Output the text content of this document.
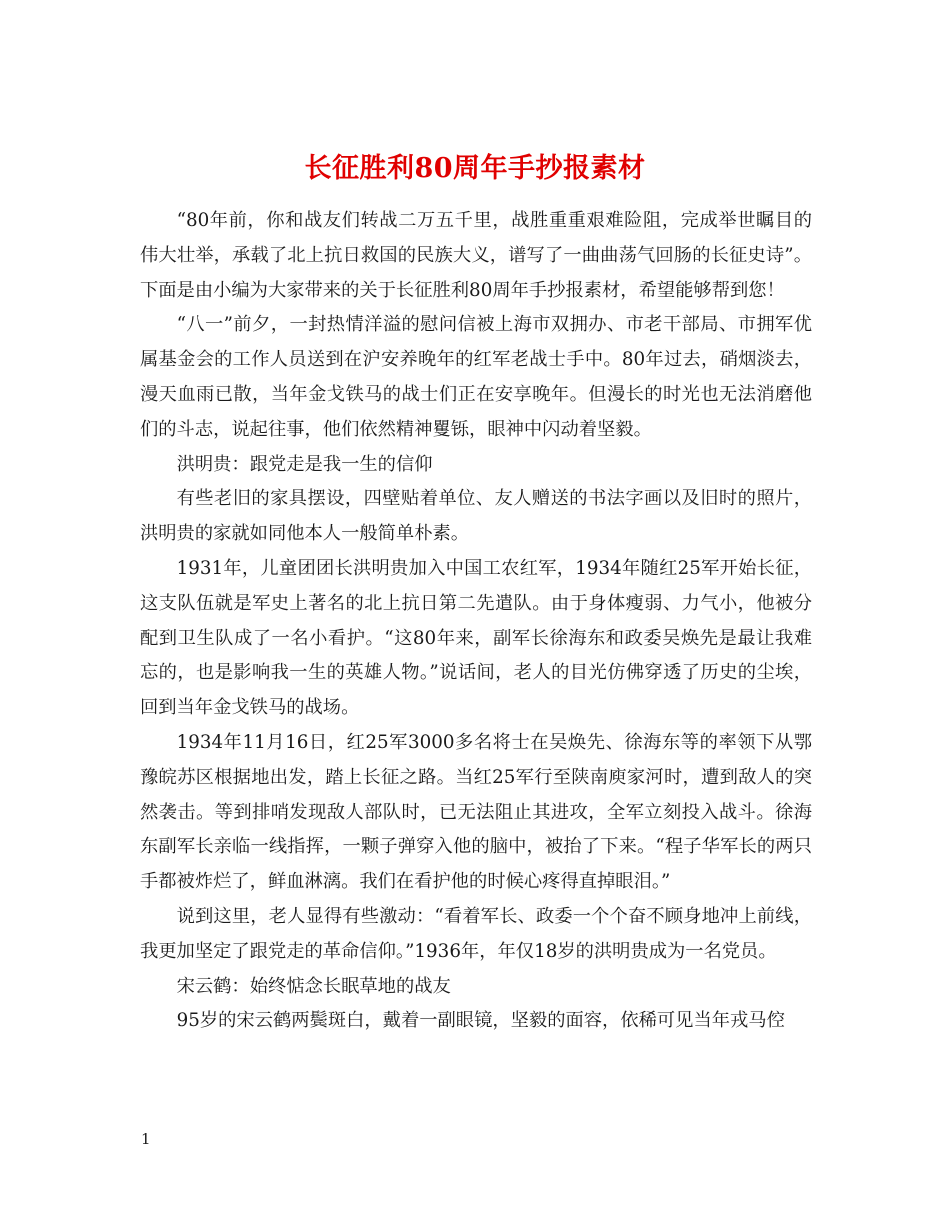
长征胜利80周年手抄报素材

“80年前，你和战友们转战二万五千里，战胜重重艰难险阻，完成举世瞩目的伟大壮举，承载了北上抗日救国的民族大义，谱写了一曲曲荡气回肠的长征史诗”。下面是由小编为大家带来的关于长征胜利80周年手抄报素材，希望能够帮到您！

“八一”前夕，一封热情洋溢的慰问信被上海市双拥办、市老干部局、市拥军优属基金会的工作人员送到在沪安养晚年的红军老战士手中。80年过去，硝烟淡去，漫天血雨已散，当年金戈铁马的战士们正在安享晚年。但漫长的时光也无法消磨他们的斗志，说起往事，他们依然精神矍铄，眼神中闪动着坚毅。

洪明贵：跟党走是我一生的信仰

有些老旧的家具摆设，四壁贴着单位、友人赠送的书法字画以及旧时的照片，洪明贵的家就如同他本人一般简单朴素。

1931年，儿童团团长洪明贵加入中国工农红军，1934年随红25军开始长征，这支队伍就是军史上著名的北上抗日第二先遣队。由于身体瘦弱、力气小，他被分配到卫生队成了一名小看护。“这80年来，副军长徐海东和政委吴焕先是最让我难忘的，也是影响我一生的英雄人物。”说话间，老人的目光仿佛穿透了历史的尘埃，回到当年金戈铁马的战场。

1934年11月16日，红25军3000多名将士在吴焕先、徐海东等的率领下从鄂豫皖苏区根据地出发，踏上长征之路。当红25军行至陕南庾家河时，遭到敌人的突然袭击。等到排哨发现敌人部队时，已无法阻止其进攻，全军立刻投入战斗。徐海东副军长亲临一线指挥，一颗子弹穿入他的脑中，被抬了下来。“程子华军长的两只手都被炸烂了，鲜血淋漓。我们在看护他的时候心疼得直掉眼泪。”

说到这里，老人显得有些激动：“看着军长、政委一个个奋不顾身地冲上前线，我更加坚定了跟党走的革命信仰。”1936年，年仅18岁的洪明贵成为一名党员。

宋云鹤：始终惦念长眠草地的战友

95岁的宋云鹤两鬓斑白，戴着一副眼镜，坚毅的面容，依稀可见当年戎马倥

1
